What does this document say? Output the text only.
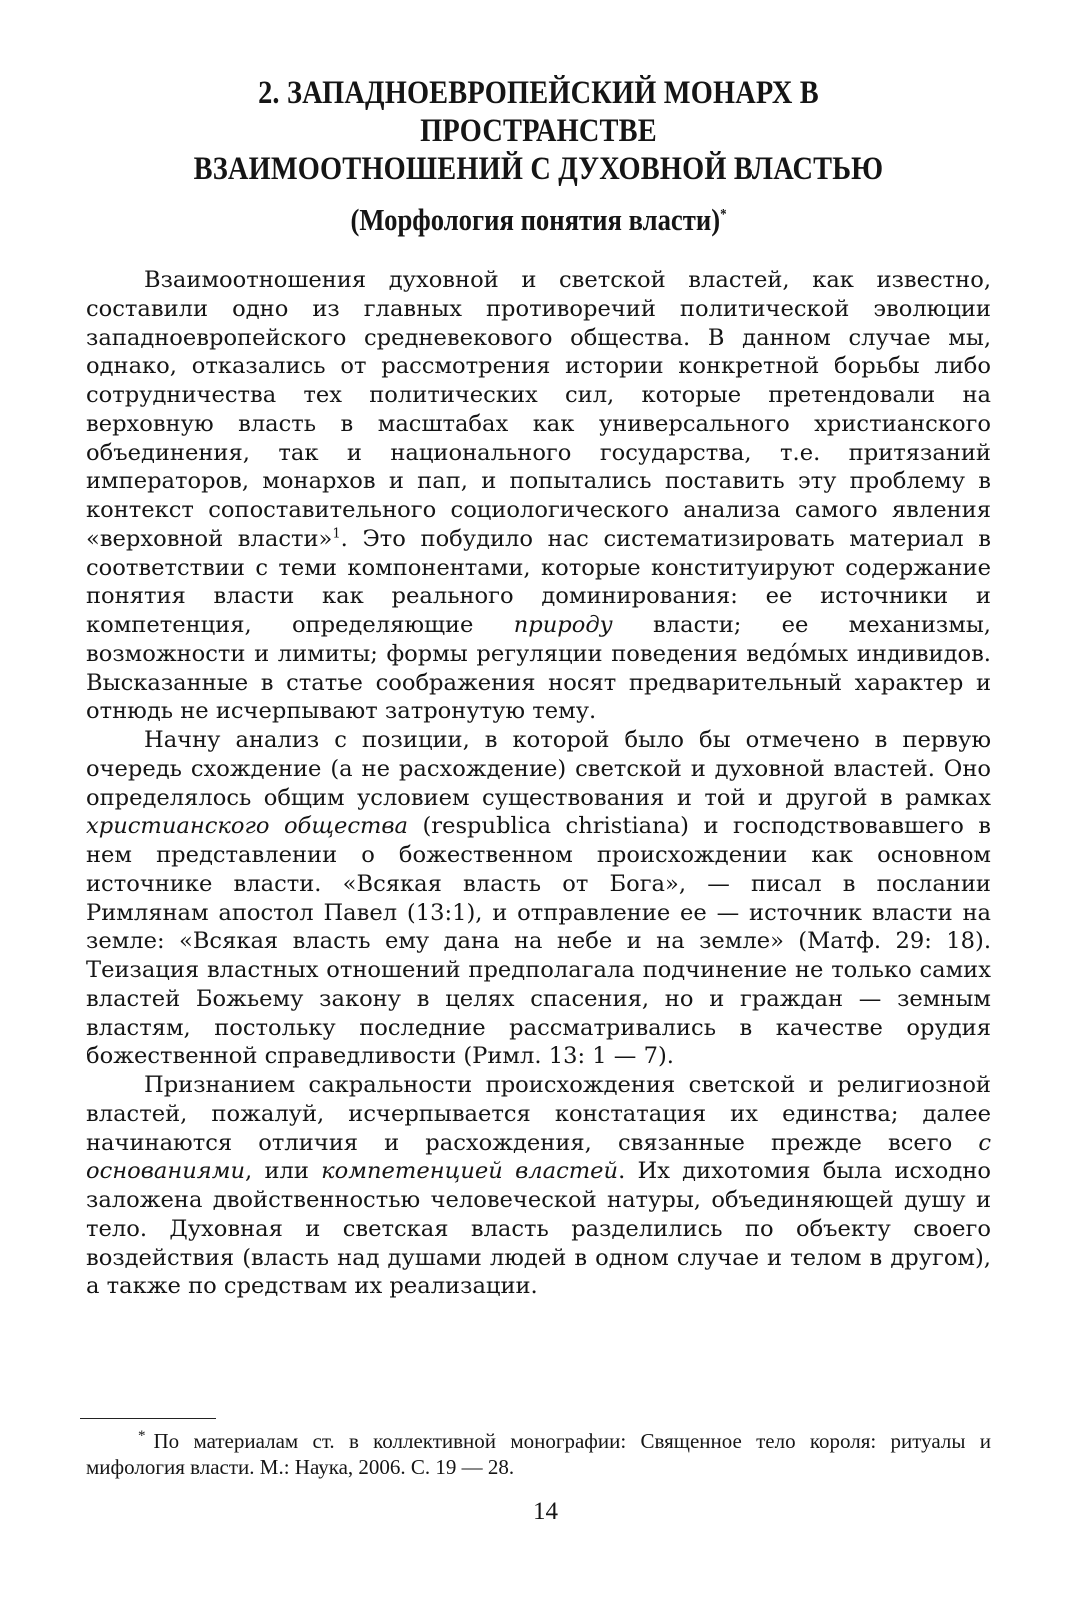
2. ЗАПАДНОЕВРОПЕЙСКИЙ МОНАРХ В ПРОСТРАНСТВЕ
ВЗАИМООТНОШЕНИЙ С ДУХОВНОЙ ВЛАСТЬЮ
(Морфология понятия власти)*

Взаимоотношения духовной и светской властей, как известно, составили одно из главных противоречий политической эволюции западноевропейского средневекового общества. В данном случае мы, однако, отказались от рассмотрения истории конкретной борьбы либо сотрудничества тех политических сил, которые претендовали на верховную власть в масштабах как универсального христианского объединения, так и национального государства, т.е. притязаний императоров, монархов и пап, и попытались поставить эту проблему в контекст сопоставительного социологического анализа самого явления «верховной власти»$^1$. Это побудило нас систематизировать материал в соответствии с теми компонентами, которые конституируют содержание понятия власти как реального доминирования: ее источники и компетенция, определяющие природу власти; ее механизмы, возможности и лимиты; формы регуляции поведения ведо́мых индивидов. Высказанные в статье соображения носят предварительный характер и отнюдь не исчерпывают затронутую тему.

Начну анализ с позиции, в которой было бы отмечено в первую очередь схождение (а не расхождение) светской и духовной властей. Оно определялось общим условием существования и той и другой в рамках христианского общества (respublica christiana) и господствовавшего в нем представлении о божественном происхождении как основном источнике власти. «Всякая власть от Бога», — писал в послании Римлянам апостол Павел (13:1), и отправление ее — источник власти на земле: «Всякая власть ему дана на небе и на земле» (Матф. 29: 18). Теизация властных отношений предполагала подчинение не только самих властей Божьему закону в целях спасения, но и граждан — земным властям, постольку последние рассматривались в качестве орудия божественной справедливости (Римл. 13: 1 — 7).

Признанием сакральности происхождения светской и религиозной властей, пожалуй, исчерпывается констатация их единства; далее начинаются отличия и расхождения, связанные прежде всего с основаниями, или компетенцией властей. Их дихотомия была исходно заложена двойственностью человеческой натуры, объединяющей душу и тело. Духовная и светская власть разделились по объекту своего воздействия (власть над душами людей в одном случае и телом в другом), а также по средствам их реализации.

* По материалам ст. в коллективной монографии: Священное тело короля: ритуалы и мифология власти. М.: Наука, 2006. С. 19 — 28.

14
